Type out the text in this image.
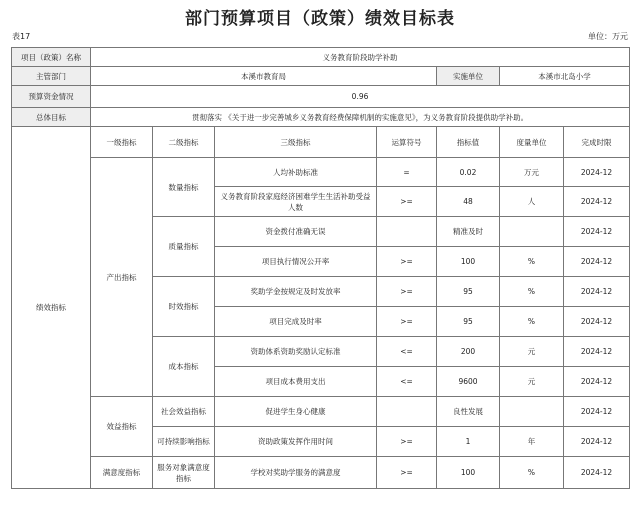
部门预算项目（政策）绩效目标表
表17	单位：万元
项目（政策）名称	义务教育阶段助学补助						
主管部门	本溪市教育局				实施单位	本溪市北岛小学	
预算资金情况	0.96						
总体目标	贯彻落实 《关于进一步完善城乡义务教育经费保障机制的实施意见》，为义务教育阶段提供助学补助。						
绩效指标	一级指标	二级指标	三级指标	运算符号	指标值	度量单位	完成时限
	产出指标	数量指标	人均补助标准	=	0.02	万元	2024-12
			义务教育阶段家庭经济困难学生生活补助受益人数	>=	48	人	2024-12
		质量指标	资金拨付准确无误		精准及时		2024-12
			项目执行情况公开率	>=	100	%	2024-12
		时效指标	奖助学金按规定及时发放率	>=	95	%	2024-12
			项目完成及时率	>=	95	%	2024-12
		成本指标	资助体系资助奖励认定标准	<=	200	元	2024-12
			项目成本费用支出	<=	9600	元	2024-12
	效益指标	社会效益指标	促进学生身心健康		良性发展		2024-12
		可持续影响指标	资助政策发挥作用时间	>=	1	年	2024-12
	满意度指标	服务对象满意度指标	学校对奖助学服务的满意度	>=	100	%	2024-12
